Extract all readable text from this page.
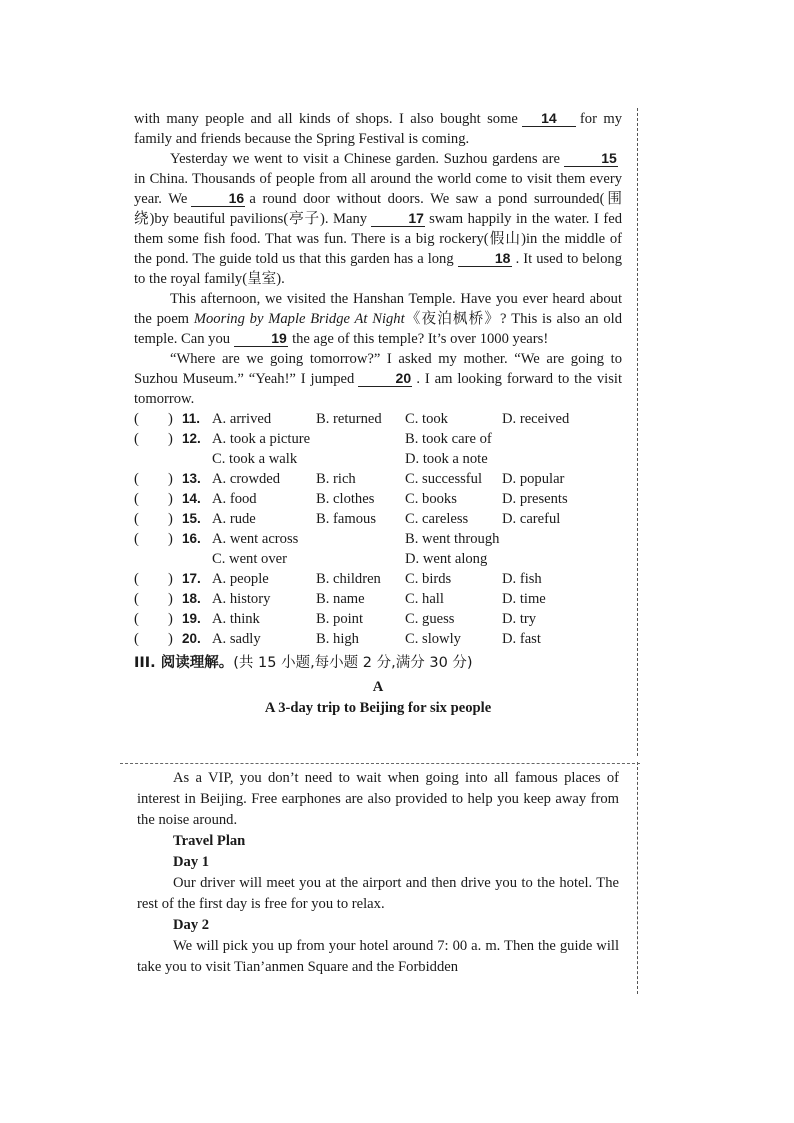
with many people and all kinds of shops. I also bought some 14 for my family and friends because the Spring Festival is coming.

Yesterday we went to visit a Chinese garden. Suzhou gardens are	15in China. Thousands of people from all around the world come to visit them every year. We	16 a round door without doors. We saw a pond surrounded(围绕)by beautiful pavilions(亭子). Many	17 swam happily in the water. I fed them some fish food. That was fun. There is a big rockery(假山)in the middle of the pond. The guide told us that this garden has a long	18 . It used to belong to the royal family(皇室).

This afternoon, we visited the Hanshan Temple. Have you ever heard about the poem Mooring by Maple Bridge At Night《夜泊枫桥》? This is also an old temple. Can you	19 the age of this temple? It’s over 1000 years!

“Where are we going tomorrow?” I asked my mother. “We are going to Suzhou Museum.” “Yeah!” I jumped	20 . I am looking forward to the visit tomorrow.

(　　) 11. A. arrived	B. returned C. took	D. received
(　　) 12. A. took a picture	B. took care of
C. took a walk	D. took a note
(　　) 13. A. crowded B. rich	C. successful D. popular
(　　) 14. A. food	B. clothes C. books	D. presents
(　　) 15. A. rude	B. famous C. careless D. careful
(　　) 16. A. went across	B. went through
C. went over	D. went along
(　　) 17. A. people	B. children C. birds	D. fish
(　　) 18. A. history	B. name	C. hall	D. time
(　　) 19. A. think	B. point	C. guess	D. try
(　　) 20. A. sadly	B. high	C. slowly	D. fast
III. 阅读理解。(共 15 小题,每小题 2 分,满分 30 分)
A
A 3-day trip to Beijing for six people

As a VIP, you don’t need to wait when going into all famous places of interest in Beijing. Free earphones are also provided to help you keep away from the noise around.

Travel Plan

Day 1

Our driver will meet you at the airport and then drive you to the hotel. The rest of the first day is free for you to relax.

Day 2

We will pick you up from your hotel around 7: 00 a. m. Then the guide will take you to visit Tian’anmen Square and the Forbidden
